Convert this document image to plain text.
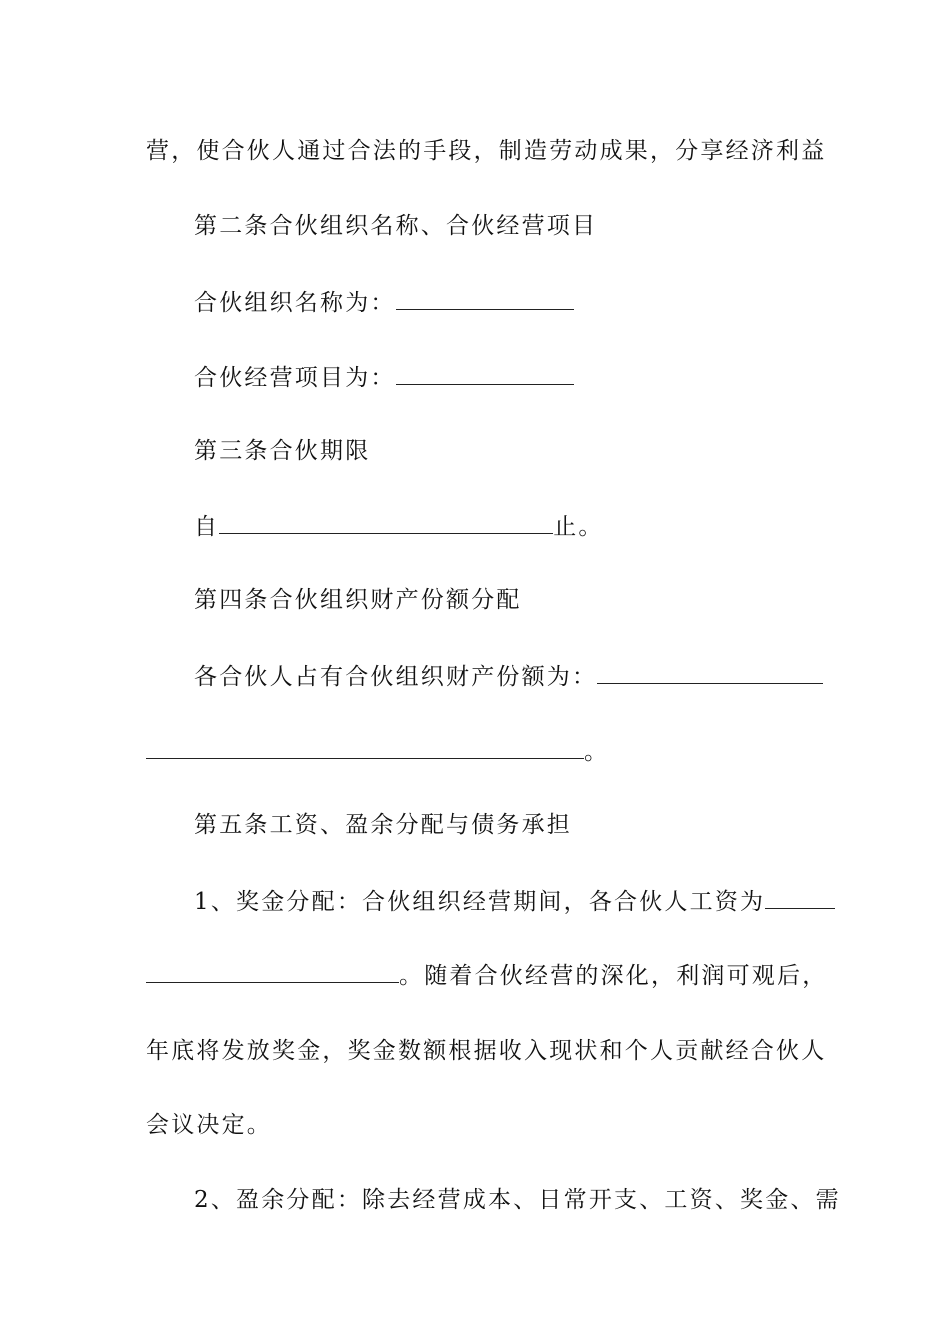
营，使合伙人通过合法的手段，制造劳动成果，分享经济利益
第二条合伙组织名称、合伙经营项目
合伙组织名称为：
合伙经营项目为：
第三条合伙期限
自	止。
第四条合伙组织财产份额分配
各合伙人占有合伙组织财产份额为：
。
第五条工资、盈余分配与债务承担
1、奖金分配：合伙组织经营期间，各合伙人工资为
。随着合伙经营的深化，利润可观后，
年底将发放奖金，奖金数额根据收入现状和个人贡献经合伙人
会议决定。
2、盈余分配：除去经营成本、日常开支、工资、奖金、需
